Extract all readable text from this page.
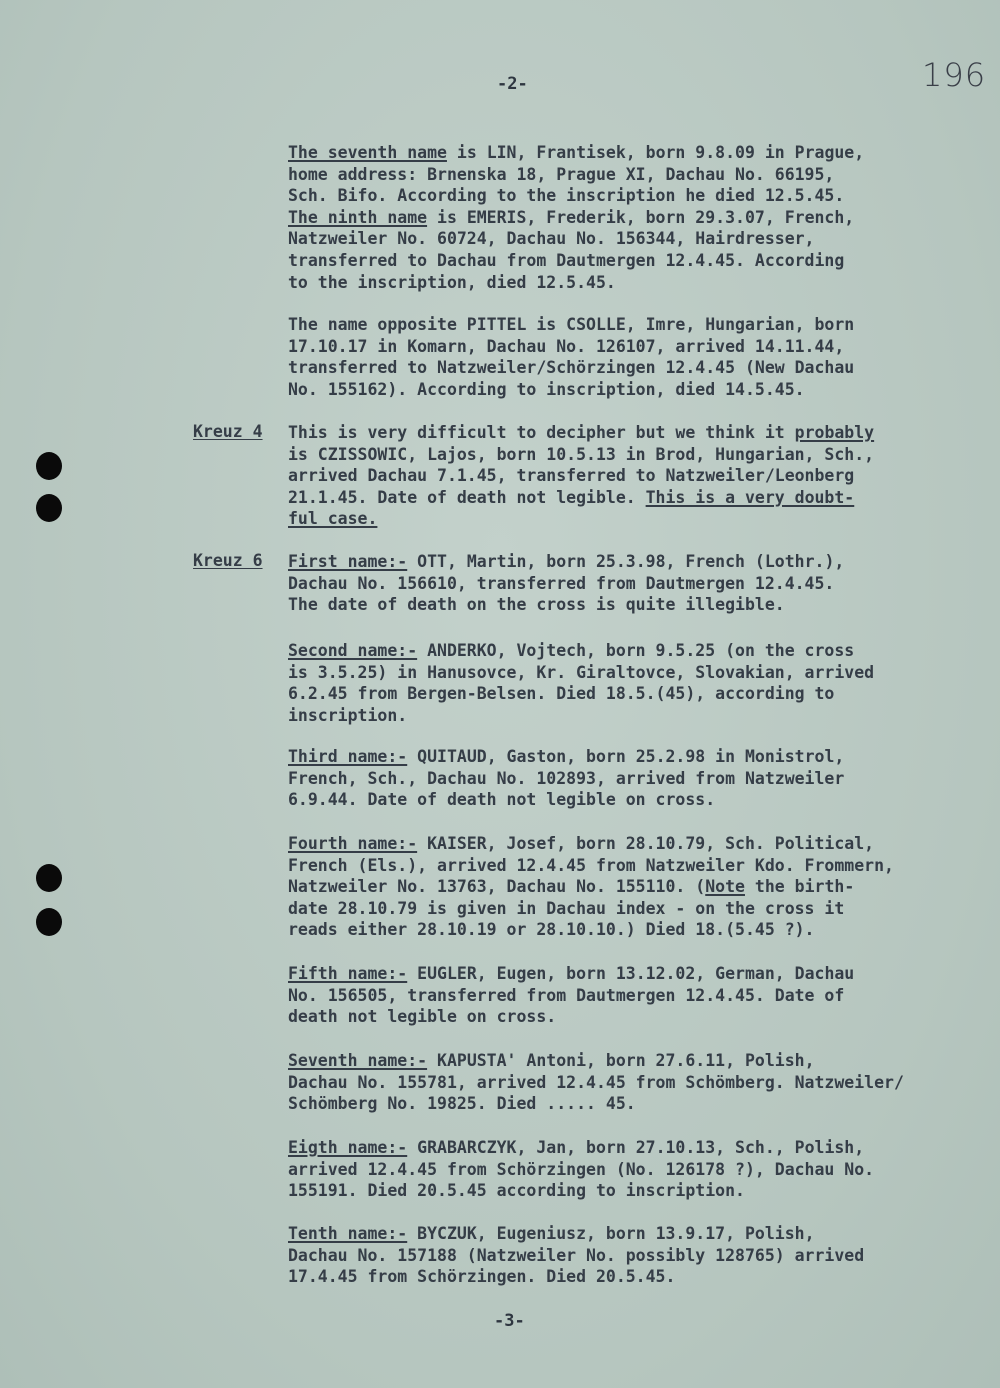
196
-2-

The seventh name is LIN, Frantisek, born 9.8.09 in Prague,

home address: Brnenska 18, Prague XI, Dachau No. 66195,

Sch. Bifo. According to the inscription he died 12.5.45.

The ninth name is EMERIS, Frederik, born 29.3.07, French,

Natzweiler No. 60724, Dachau No. 156344, Hairdresser,

transferred to Dachau from Dautmergen 12.4.45. According

to the inscription, died 12.5.45.

The name opposite PITTEL is CSOLLE, Imre, Hungarian, born

17.10.17 in Komarn, Dachau No. 126107, arrived 14.11.44,

transferred to Natzweiler/Schörzingen 12.4.45 (New Dachau

No. 155162). According to inscription, died 14.5.45.

This is very difficult to decipher but we think it probably

is CZISSOWIC, Lajos, born 10.5.13 in Brod, Hungarian, Sch.,

arrived Dachau 7.1.45, transferred to Natzweiler/Leonberg

21.1.45. Date of death not legible. This is a very doubt-

ful case.

Kreuz 4

First name:- OTT, Martin, born 25.3.98, French (Lothr.),

Dachau No. 156610, transferred from Dautmergen 12.4.45.

The date of death on the cross is quite illegible.

Kreuz 6

Second name:- ANDERKO, Vojtech, born 9.5.25 (on the cross

is 3.5.25) in Hanusovce, Kr. Giraltovce, Slovakian, arrived

6.2.45 from Bergen-Belsen. Died 18.5.(45), according to

inscription.

Third name:- QUITAUD, Gaston, born 25.2.98 in Monistrol,

French, Sch., Dachau No. 102893, arrived from Natzweiler

6.9.44. Date of death not legible on cross.

Fourth name:- KAISER, Josef, born 28.10.79, Sch. Political,

French (Els.), arrived 12.4.45 from Natzweiler Kdo. Frommern,

Natzweiler No. 13763, Dachau No. 155110. (Note the birth-

date 28.10.79 is given in Dachau index - on the cross it

reads either 28.10.19 or 28.10.10.) Died 18.(5.45 ?).

Fifth name:- EUGLER, Eugen, born 13.12.02, German, Dachau

No. 156505, transferred from Dautmergen 12.4.45. Date of

death not legible on cross.

Seventh name:- KAPUSTA' Antoni, born 27.6.11, Polish,

Dachau No. 155781, arrived 12.4.45 from Schömberg. Natzweiler/

Schömberg No. 19825. Died ..... 45.

Eigth name:- GRABARCZYK, Jan, born 27.10.13, Sch., Polish,

arrived 12.4.45 from Schörzingen (No. 126178 ?), Dachau No.

155191. Died 20.5.45 according to inscription.

Tenth name:- BYCZUK, Eugeniusz, born 13.9.17, Polish,

Dachau No. 157188 (Natzweiler No. possibly 128765) arrived

17.4.45 from Schörzingen. Died 20.5.45.

-3-
